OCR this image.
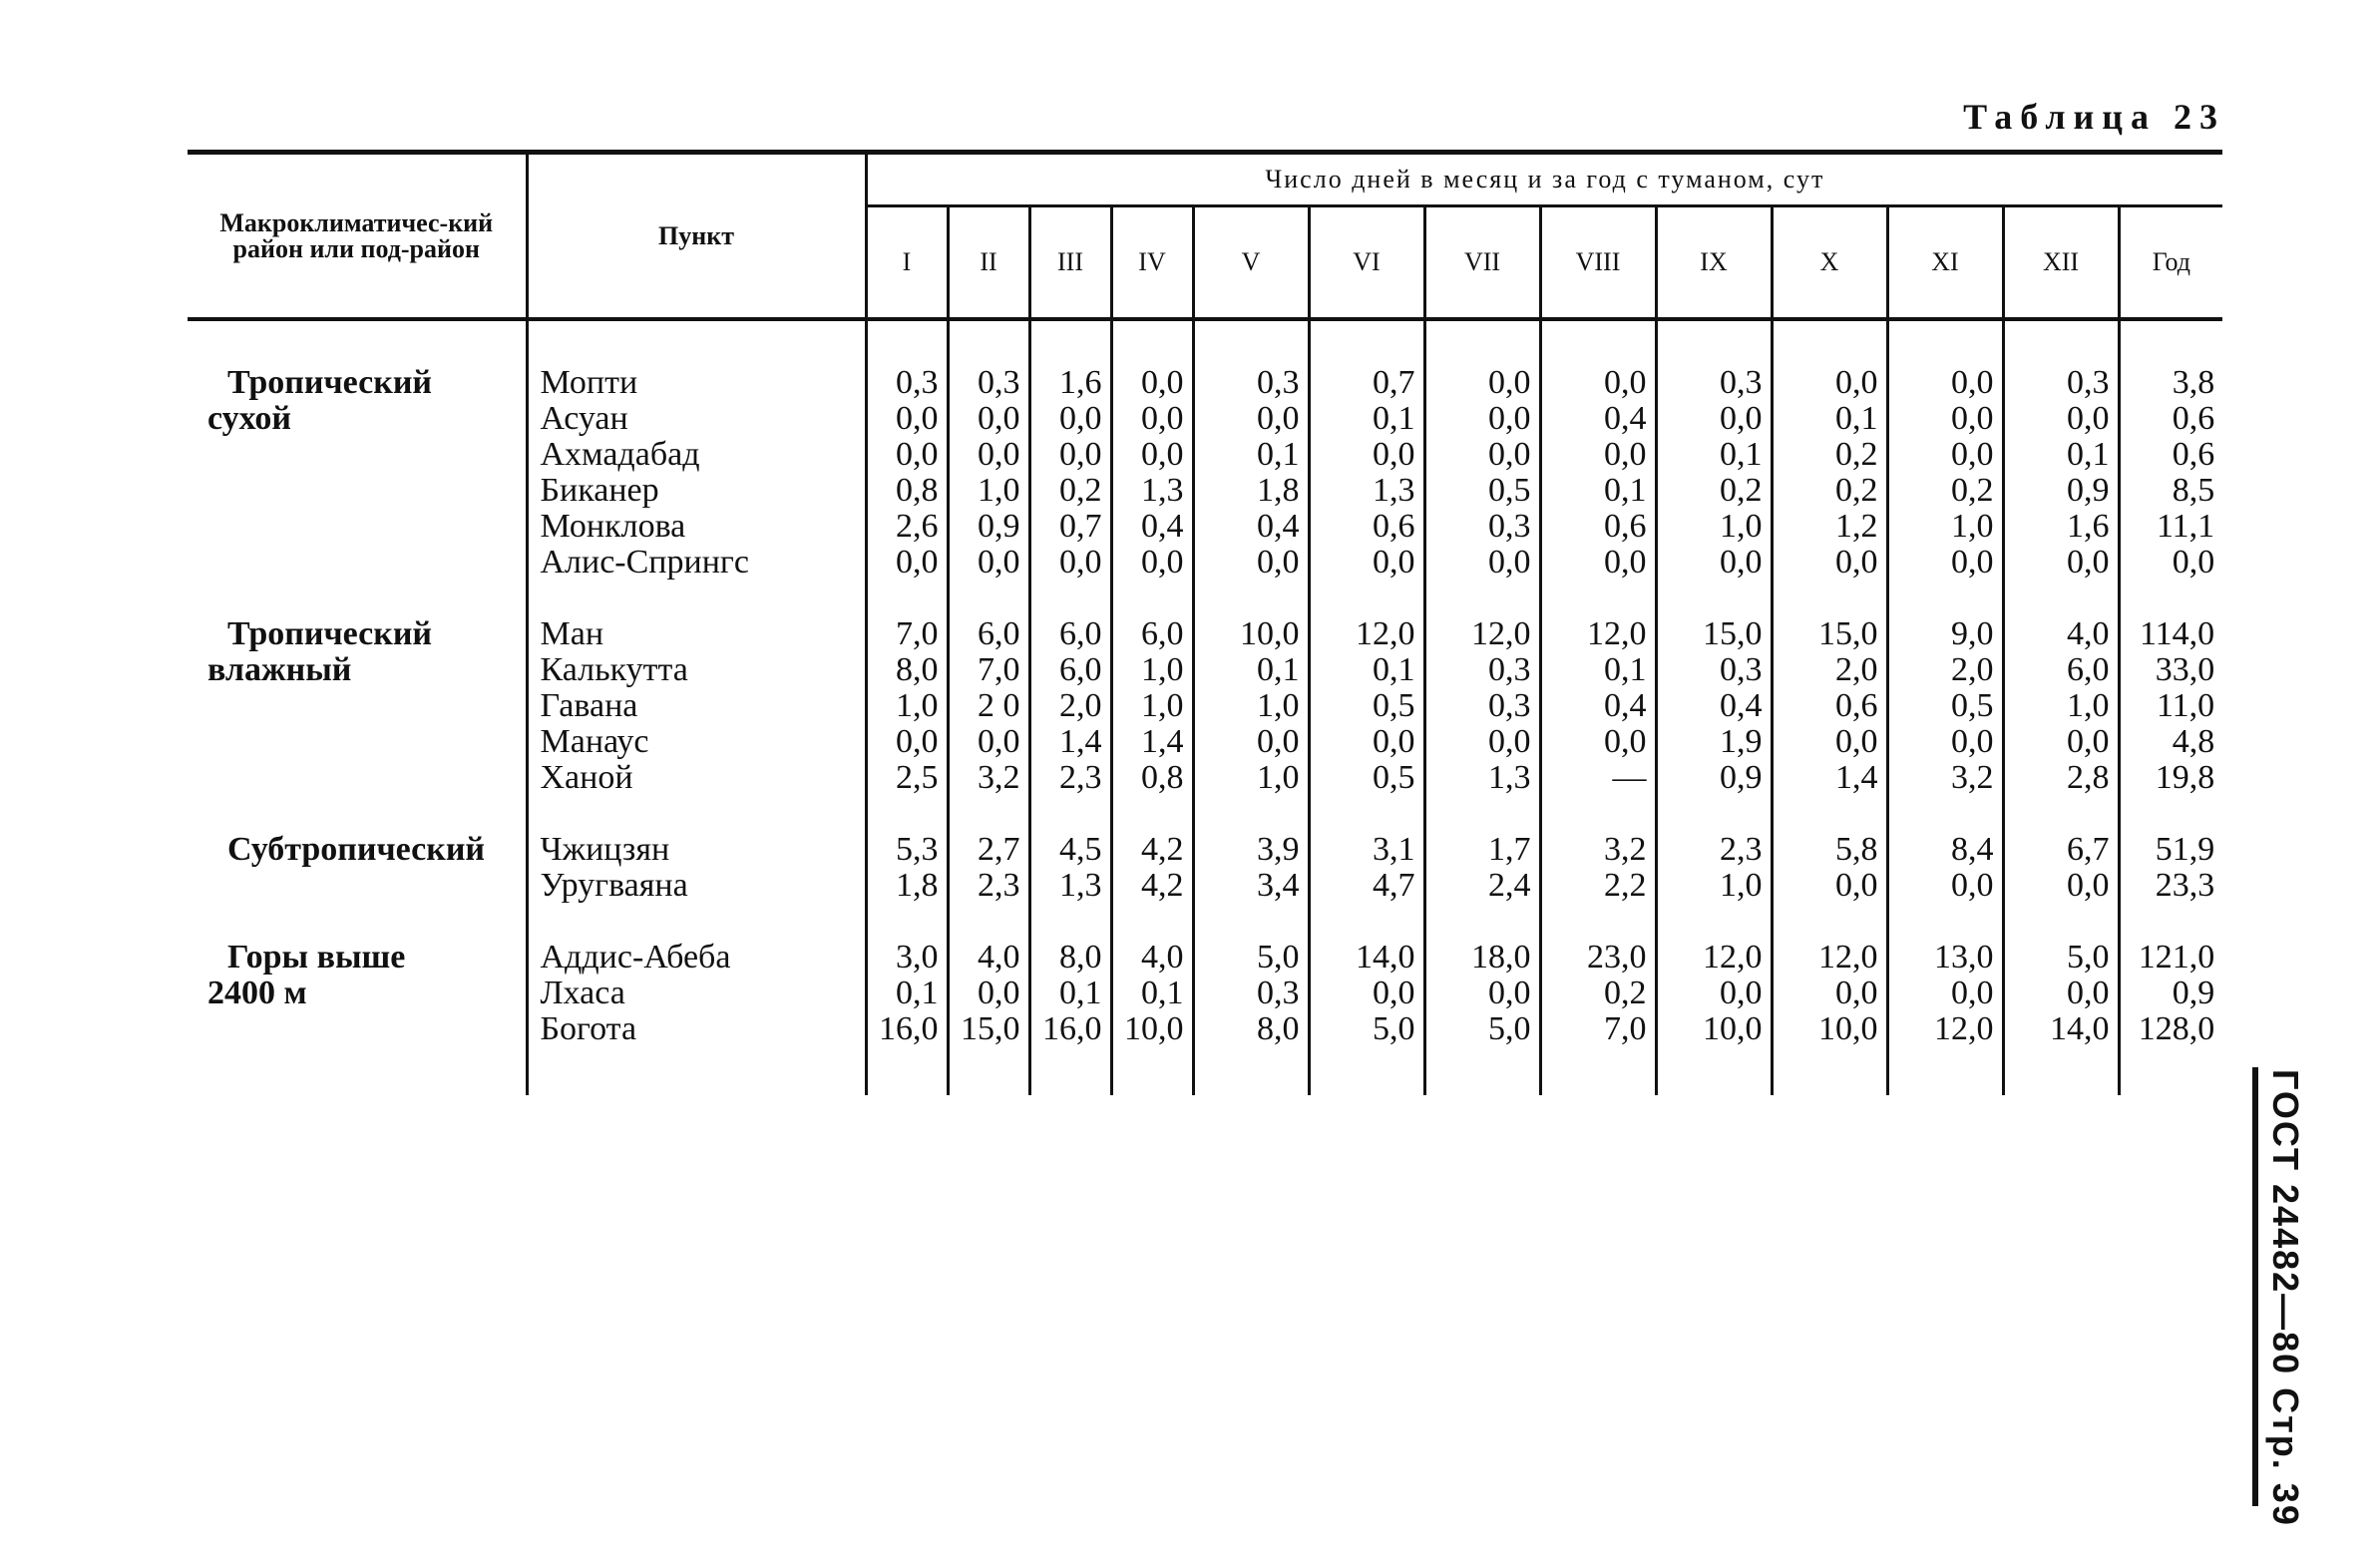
Таблица 23
Макроклиматичес-кий район или под-район	Пункт	Число дней в месяц и за год с туманом, сут												
		I	II	III	IV	V	VI	VII	VIII	IX	X	XI	XII	Год

Тропический	Мопти	0,3	0,3	1,6	0,0	0,3	0,7	0,0	0,0	0,3	0,0	0,0	0,3	3,8
сухой	Асуан	0,0	0,0	0,0	0,0	0,0	0,1	0,0	0,4	0,0	0,1	0,0	0,0	0,6
	Ахмадабад	0,0	0,0	0,0	0,0	0,1	0,0	0,0	0,0	0,1	0,2	0,0	0,1	0,6
	Биканер	0,8	1,0	0,2	1,3	1,8	1,3	0,5	0,1	0,2	0,2	0,2	0,9	8,5
	Монклова	2,6	0,9	0,7	0,4	0,4	0,6	0,3	0,6	1,0	1,2	1,0	1,6	11,1
	Алис-Спрингс	0,0	0,0	0,0	0,0	0,0	0,0	0,0	0,0	0,0	0,0	0,0	0,0	0,0

Тропический	Ман	7,0	6,0	6,0	6,0	10,0	12,0	12,0	12,0	15,0	15,0	9,0	4,0	114,0
влажный	Калькутта	8,0	7,0	6,0	1,0	0,1	0,1	0,3	0,1	0,3	2,0	2,0	6,0	33,0
	Гавана	1,0	2 0	2,0	1,0	1,0	0,5	0,3	0,4	0,4	0,6	0,5	1,0	11,0
	Манаус	0,0	0,0	1,4	1,4	0,0	0,0	0,0	0,0	1,9	0,0	0,0	0,0	4,8
	Ханой	2,5	3,2	2,3	0,8	1,0	0,5	1,3	—	0,9	1,4	3,2	2,8	19,8

Субтропический	Чжицзян	5,3	2,7	4,5	4,2	3,9	3,1	1,7	3,2	2,3	5,8	8,4	6,7	51,9
	Уругваяна	1,8	2,3	1,3	4,2	3,4	4,7	2,4	2,2	1,0	0,0	0,0	0,0	23,3

Горы выше	Аддис-Абеба	3,0	4,0	8,0	4,0	5,0	14,0	18,0	23,0	12,0	12,0	13,0	5,0	121,0
2400 м	Лхаса	0,1	0,0	0,1	0,1	0,3	0,0	0,0	0,2	0,0	0,0	0,0	0,0	0,9
	Богота	16,0	15,0	16,0	10,0	8,0	5,0	5,0	7,0	10,0	10,0	12,0	14,0	128,0

ГОСТ 24482—80 Стр. 39
